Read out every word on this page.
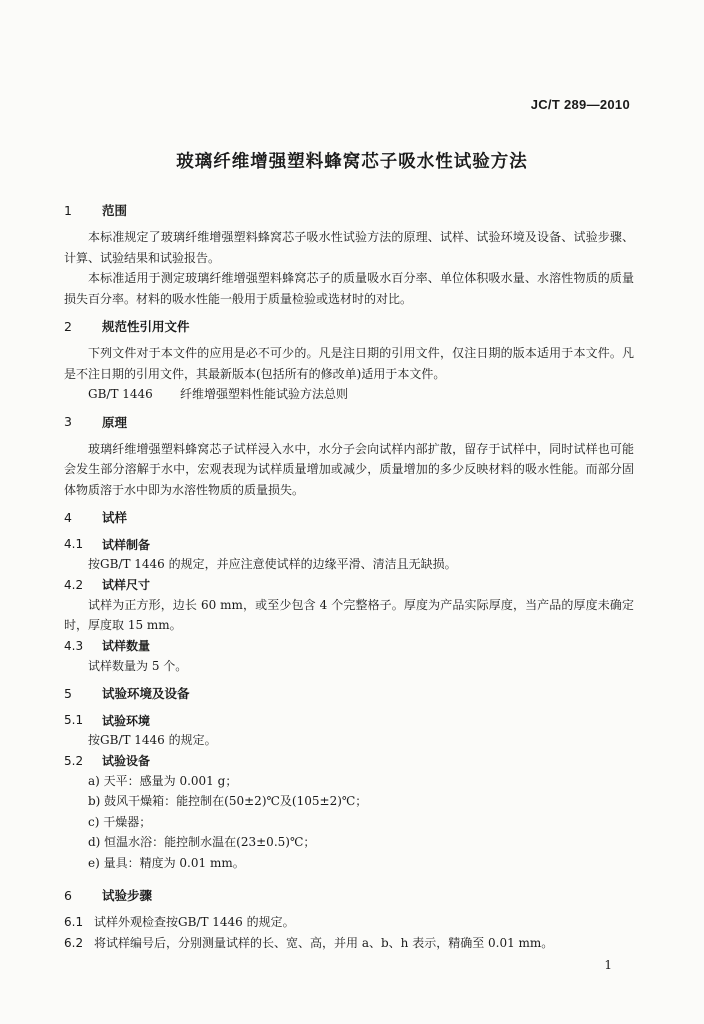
JC/T 289—2010
玻璃纤维增强塑料蜂窝芯子吸水性试验方法
1	范围

本标准规定了玻璃纤维增强塑料蜂窝芯子吸水性试验方法的原理、试样、试验环境及设备、试验步骤、计算、试验结果和试验报告。

本标准适用于测定玻璃纤维增强塑料蜂窝芯子的质量吸水百分率、单位体积吸水量、水溶性物质的质量损失百分率。材料的吸水性能一般用于质量检验或选材时的对比。

2	规范性引用文件

下列文件对于本文件的应用是必不可少的。凡是注日期的引用文件，仅注日期的版本适用于本文件。凡是不注日期的引用文件，其最新版本(包括所有的修改单)适用于本文件。

GB/T 1446 纤维增强塑料性能试验方法总则

3	原理

玻璃纤维增强塑料蜂窝芯子试样浸入水中，水分子会向试样内部扩散，留存于试样中，同时试样也可能会发生部分溶解于水中，宏观表现为试样质量增加或减少，质量增加的多少反映材料的吸水性能。而部分固体物质溶于水中即为水溶性物质的质量损失。

4	试样
4.1	试样制备

按GB/T 1446 的规定，并应注意使试样的边缘平滑、清洁且无缺损。

4.2	试样尺寸

试样为正方形，边长 60 mm，或至少包含 4 个完整格子。厚度为产品实际厚度，当产品的厚度未确定时，厚度取 15 mm。

4.3	试样数量

试样数量为 5 个。

5	试验环境及设备
5.1	试验环境

按GB/T 1446 的规定。

5.2	试验设备

a) 天平：感量为 0.001 g；

b) 鼓风干燥箱：能控制在(50±2)℃及(105±2)℃；

c) 干燥器；

d) 恒温水浴：能控制水温在(23±0.5)℃；

e) 量具：精度为 0.01 mm。

6	试验步骤

6.1 试样外观检查按GB/T 1446 的规定。

6.2 将试样编号后，分别测量试样的长、宽、高，并用 a、b、h 表示，精确至 0.01 mm。

1
